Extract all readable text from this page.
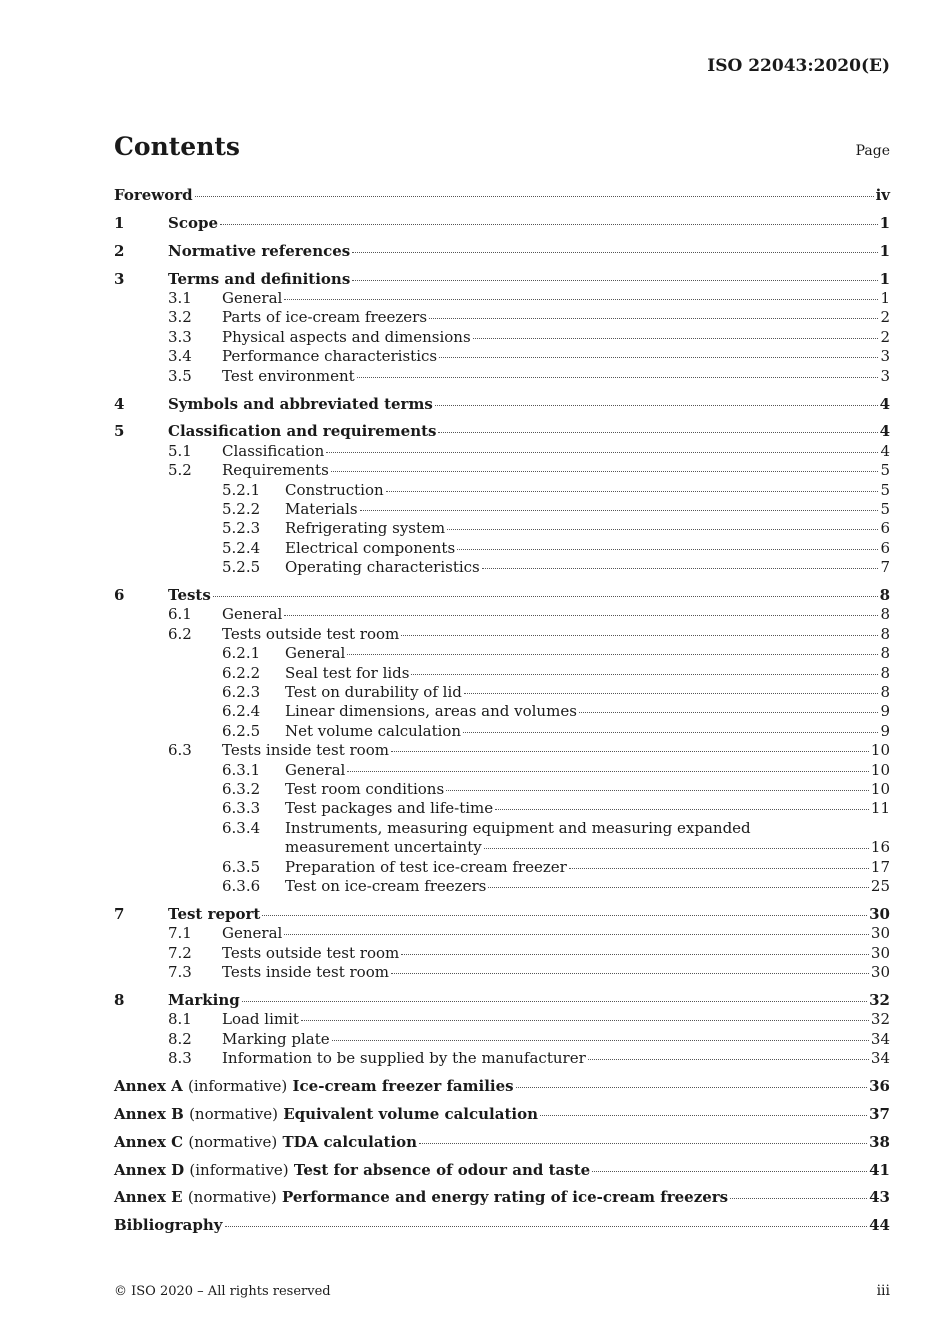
ISO 22043:2020(E)
Contents	Page
Foreword	iv
1	Scope	1
2	Normative references	1
3	Terms and definitions	1
3.1	General	1
3.2	Parts of ice-cream freezers	2
3.3	Physical aspects and dimensions	2
3.4	Performance characteristics	3
3.5	Test environment	3
4	Symbols and abbreviated terms	4
5	Classification and requirements	4
5.1	Classification	4
5.2	Requirements	5
5.2.1	Construction	5
5.2.2	Materials	5
5.2.3	Refrigerating system	6
5.2.4	Electrical components	6
5.2.5	Operating characteristics	7
6	Tests	8
6.1	General	8
6.2	Tests outside test room	8
6.2.1	General	8
6.2.2	Seal test for lids	8
6.2.3	Test on durability of lid	8
6.2.4	Linear dimensions, areas and volumes	9
6.2.5	Net volume calculation	9
6.3	Tests inside test room	10
6.3.1	General	10
6.3.2	Test room conditions	10
6.3.3	Test packages and life-time	11
6.3.4	Instruments, measuring equipment and measuring expanded
measurement uncertainty	16
6.3.5	Preparation of test ice-cream freezer	17
6.3.6	Test on ice-cream freezers	25
7	Test report	30
7.1	General	30
7.2	Tests outside test room	30
7.3	Tests inside test room	30
8	Marking	32
8.1	Load limit	32
8.2	Marking plate	34
8.3	Information to be supplied by the manufacturer	34
Annex A (informative) Ice-cream freezer families	36
Annex B (normative) Equivalent volume calculation	37
Annex C (normative) TDA calculation	38
Annex D (informative) Test for absence of odour and taste	41
Annex E (normative) Performance and energy rating of ice-cream freezers	43
Bibliography	44
© ISO 2020 – All rights reserved	iii
